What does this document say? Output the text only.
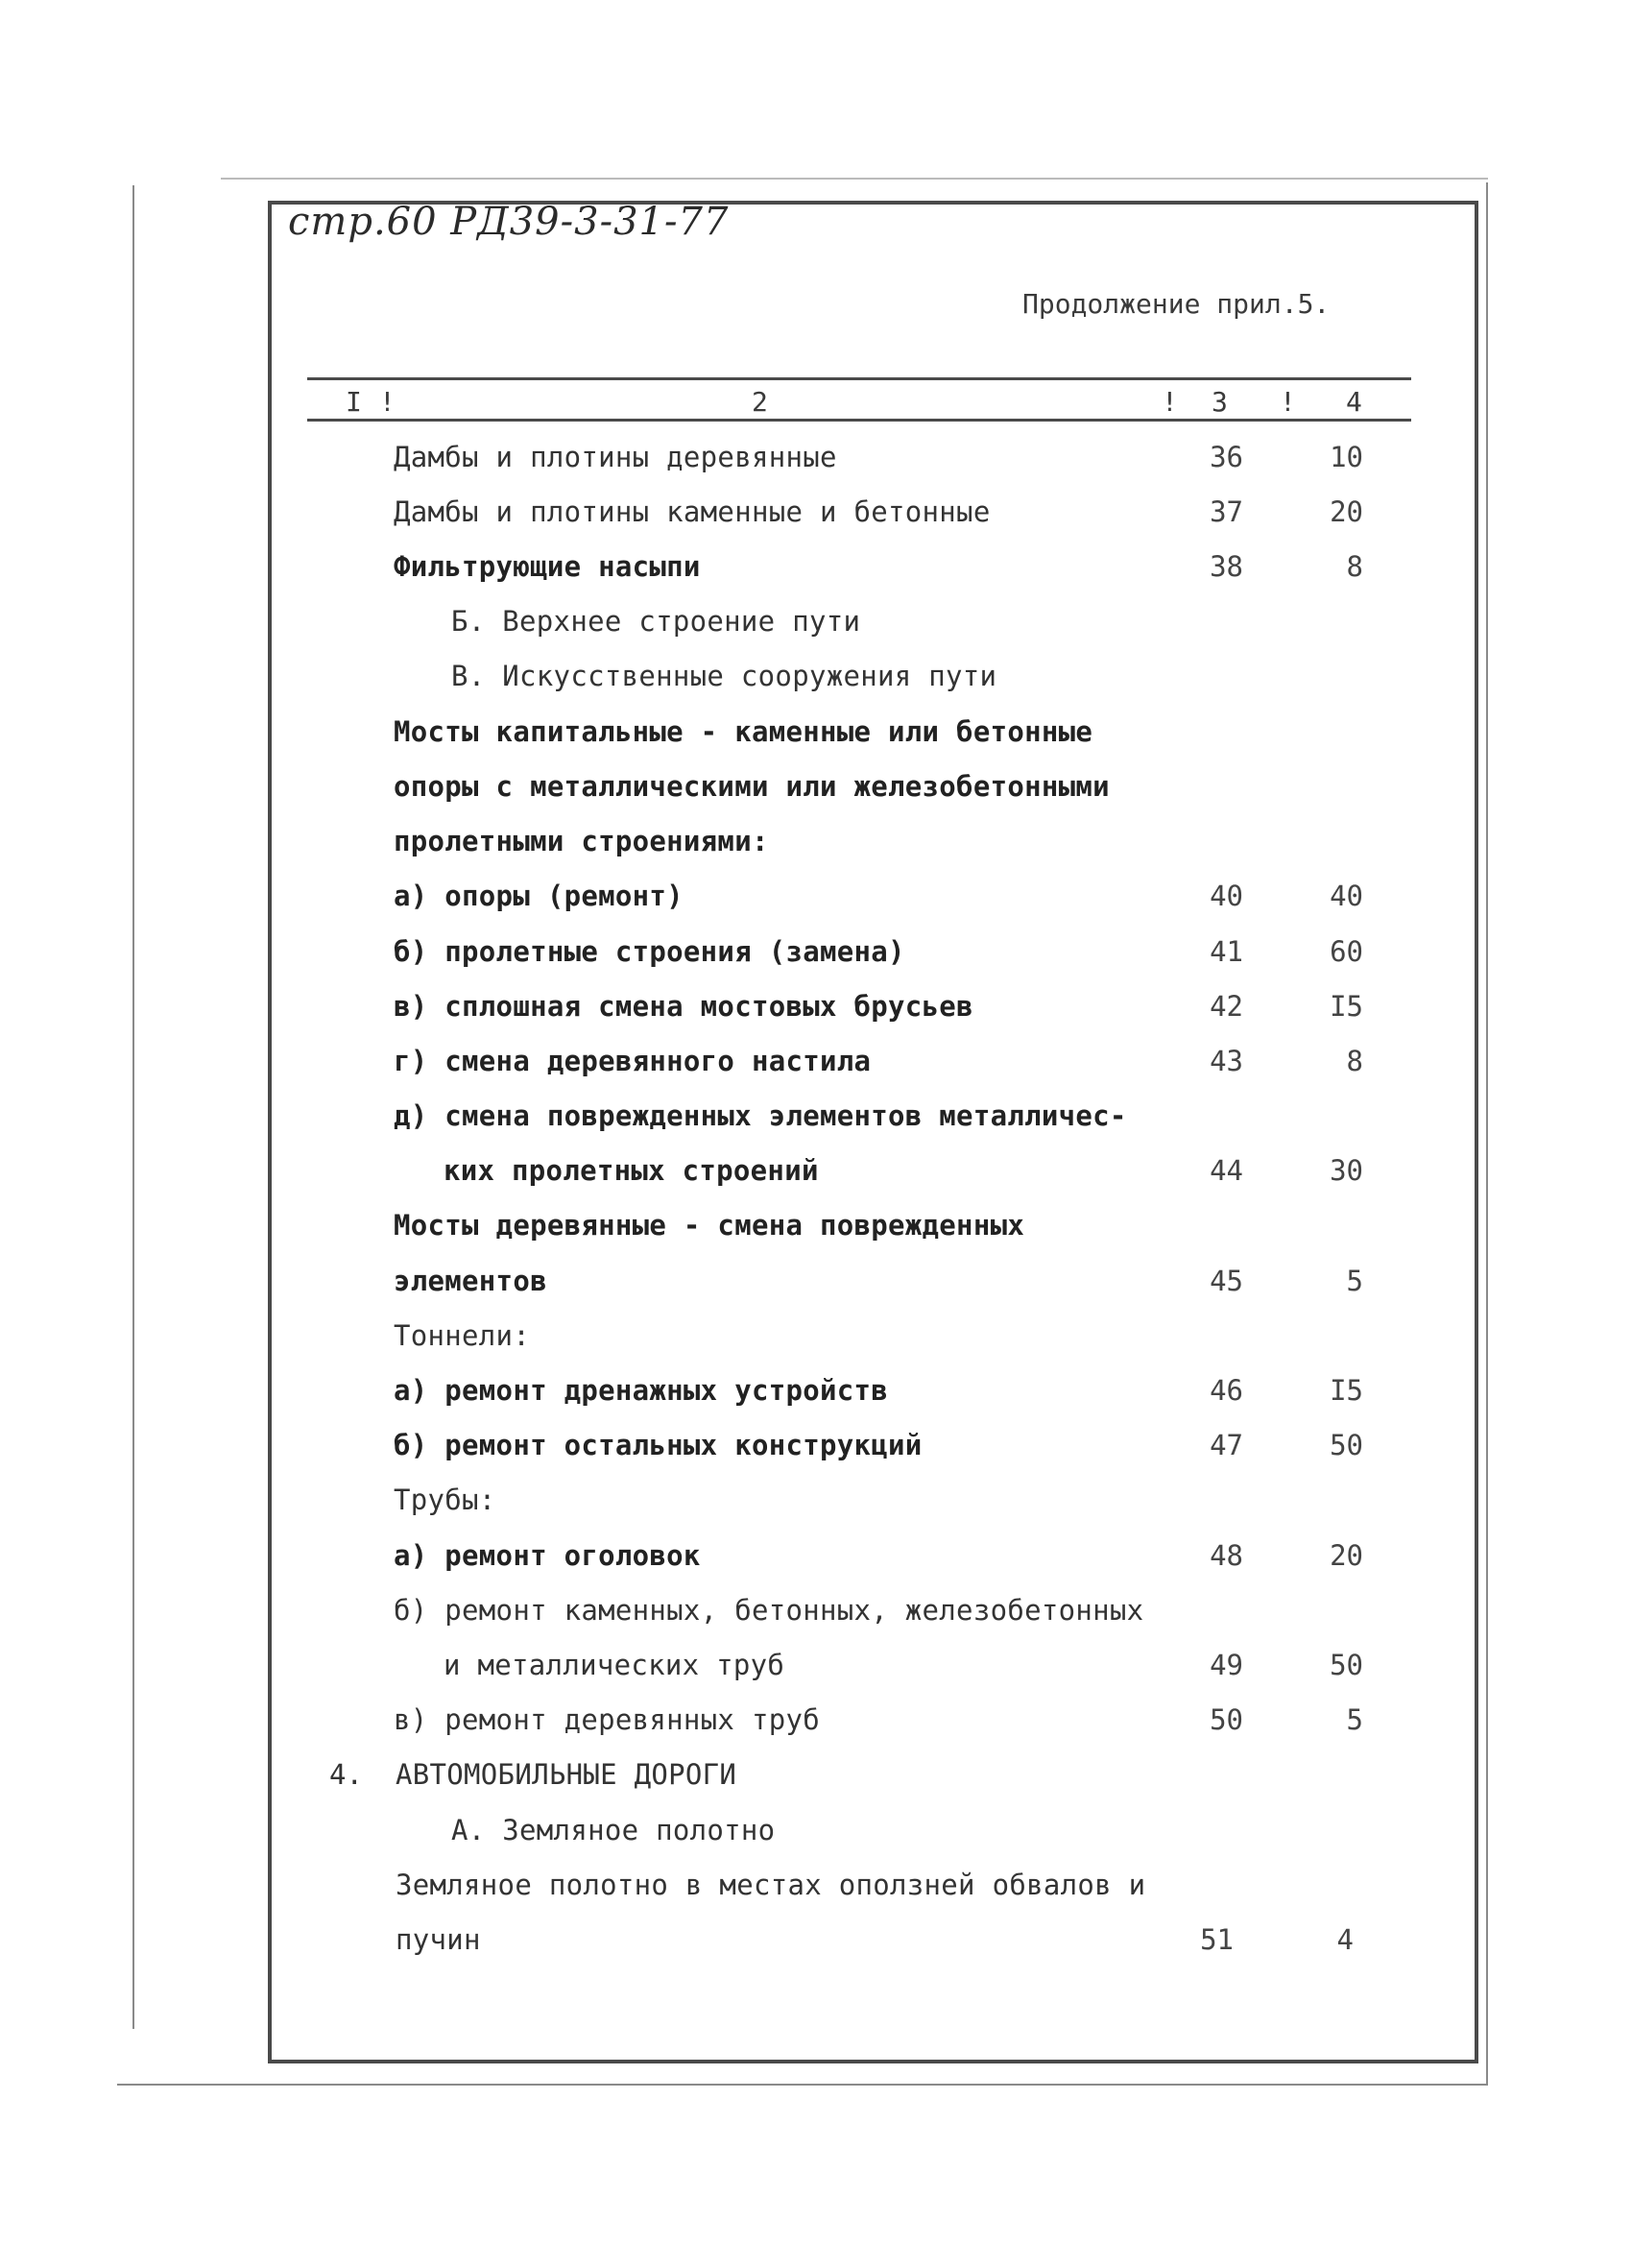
стр.60 РД39-3-31-77
Продолжение прил.5.
I !	2	! 3 ! 4
Дамбы и плотины деревянные	36	10
Дамбы и плотины каменные и бетонные	37	20
Фильтрующие насыпи	38	8
Б. Верхнее строение пути
В. Искусственные сооружения пути
Мосты капитальные - каменные или бетонные
опоры с металлическими или железобетонными
пролетными строениями:
а) опоры (ремонт)	40	40
б) пролетные строения (замена)	41	60
в) сплошная смена мостовых брусьев	42	I5
г) смена деревянного настила	43	8
д) смена поврежденных элементов металличес-
ких пролетных строений	44	30
Мосты деревянные - смена поврежденных
элементов	45	5
Тоннели:
а) ремонт дренажных устройств	46	I5
б) ремонт остальных конструкций	47	50
Трубы:
а) ремонт оголовок	48	20
б) ремонт каменных, бетонных, железобетонных
и металлических труб	49	50
в) ремонт деревянных труб	50	5
4. АВТОМОБИЛЬНЫЕ ДОРОГИ
А. Земляное полотно
Земляное полотно в местах оползней обвалов и
пучин	51	4
